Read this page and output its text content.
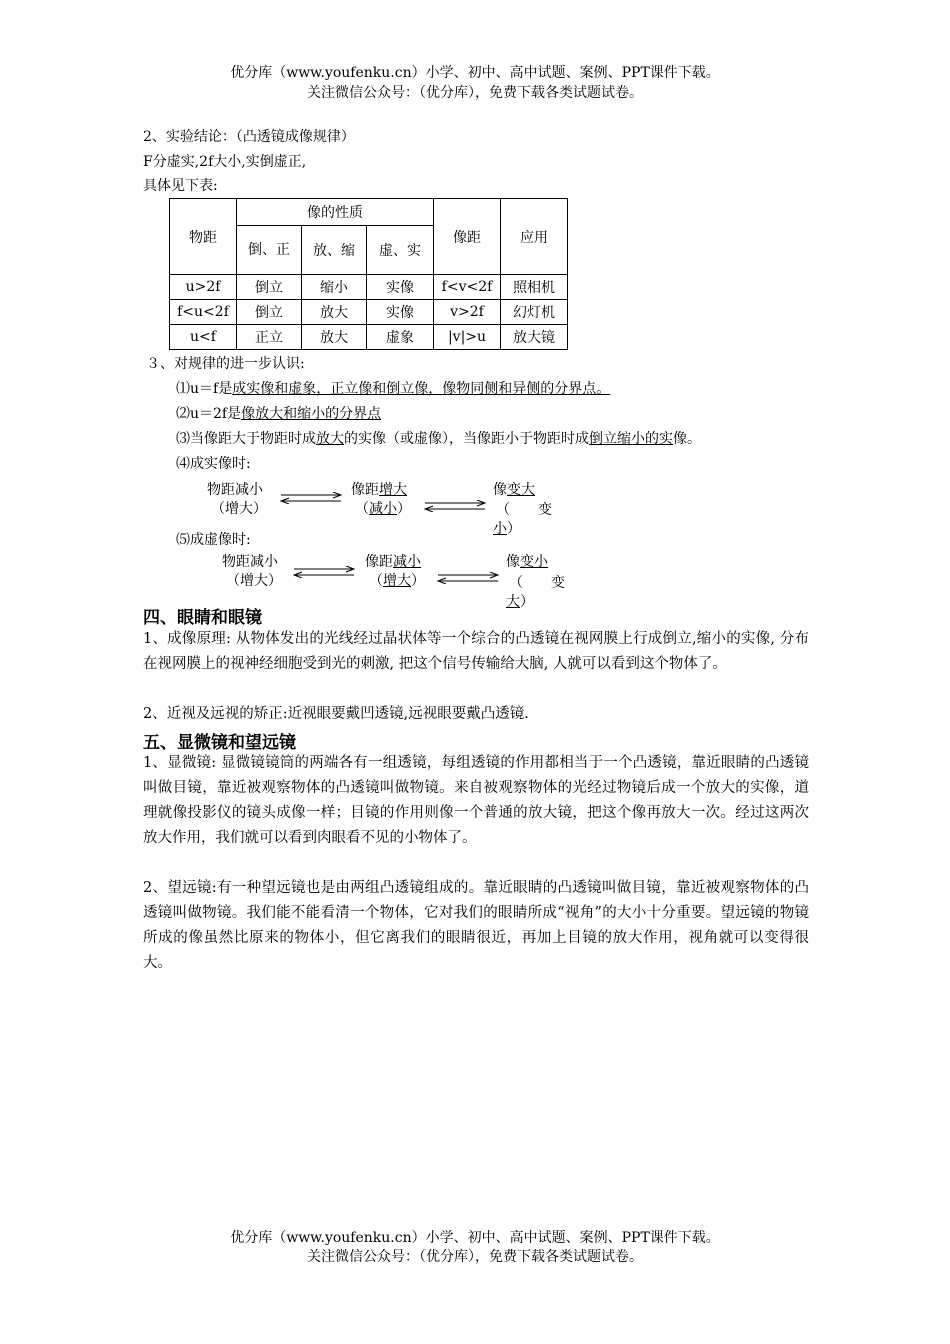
优分库（www.youfenku.cn）小学、初中、高中试题、案例、PPT课件下载。
关注微信公众号：（优分库），免费下载各类试题试卷。
2、实验结论：（凸透镜成像规律）
F分虚实,2f大小,实倒虚正,
具体见下表:
物距	像的性质			像距	应用

	倒、正	放、缩	虚、实		
u>2f	倒立	缩小	实像	f<v<2f	照相机
f<u<2f	倒立	放大	实像	v>2f	幻灯机
u<f	正立	放大	虚象	|v|>u	放大镜
３、对规律的进一步认识:
⑴u＝f是成实像和虚象，正立像和倒立像，像物同侧和异侧的分界点。
⑵u＝2f是像放大和缩小的分界点
⑶当像距大于物距时成放大的实像（或虚像），当像距小于物距时成倒立缩小的实像。
⑷成实像时:
物距减小
（增大）
像距增大
（减小）
像变大
（　　变
小）
⑸成虚像时:
物距减小
（增大）
像距减小
（增大）
像变小
（　　变
大）
四、眼睛和眼镜
1、成像原理: 从物体发出的光线经过晶状体等一个综合的凸透镜在视网膜上行成倒立,缩小的实像, 分布在视网膜上的视神经细胞受到光的刺激, 把这个信号传输给大脑, 人就可以看到这个物体了。
2、近视及远视的矫正:近视眼要戴凹透镜,远视眼要戴凸透镜.
五、显微镜和望远镜
1、显微镜: 显微镜镜筒的两端各有一组透镜，每组透镜的作用都相当于一个凸透镜，靠近眼睛的凸透镜叫做目镜，靠近被观察物体的凸透镜叫做物镜。来自被观察物体的光经过物镜后成一个放大的实像，道理就像投影仪的镜头成像一样；目镜的作用则像一个普通的放大镜，把这个像再放大一次。经过这两次放大作用，我们就可以看到肉眼看不见的小物体了。
2、望远镜:有一种望远镜也是由两组凸透镜组成的。靠近眼睛的凸透镜叫做目镜，靠近被观察物体的凸透镜叫做物镜。我们能不能看清一个物体，它对我们的眼睛所成“视角”的大小十分重要。望远镜的物镜所成的像虽然比原来的物体小，但它离我们的眼睛很近，再加上目镜的放大作用，视角就可以变得很大。
优分库（www.youfenku.cn）小学、初中、高中试题、案例、PPT课件下载。
关注微信公众号：（优分库），免费下载各类试题试卷。
